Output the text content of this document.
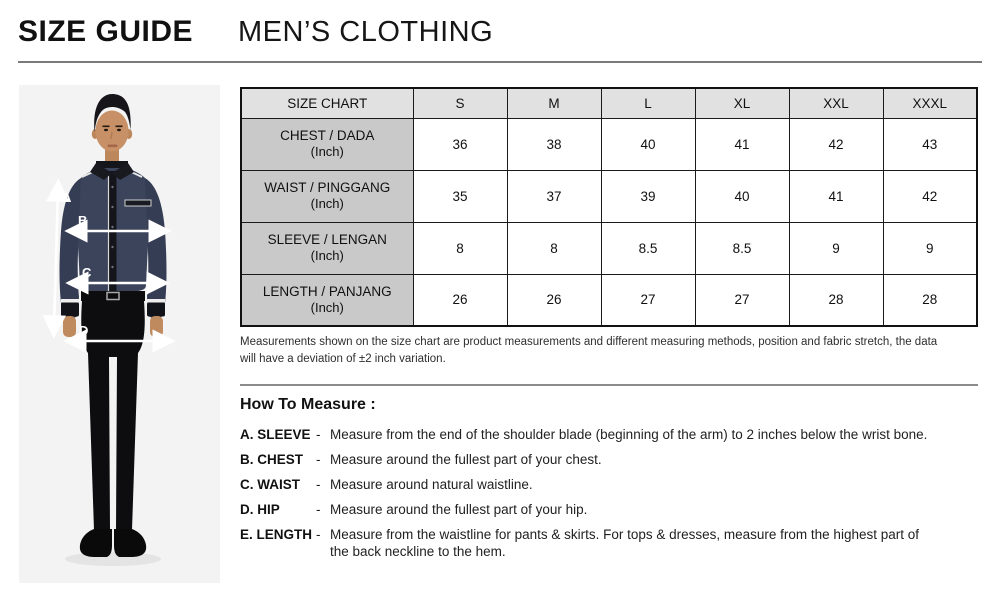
SIZE GUIDE MEN’S CLOTHING
A
B
C
D
SIZE CHART	S	M	L	XL	XXL	XXXL
CHEST / DADA
(Inch)	36	38	40	41	42	43
WAIST / PINGGANG
(Inch)	35	37	39	40	41	42
SLEEVE / LENGAN
(Inch)	8	8	8.5	8.5	9	9
LENGTH / PANJANG
(Inch)	26	26	27	27	28	28

Measurements shown on the size chart are product measurements and different measuring methods, position and fabric stretch, the data will have a deviation of ±2 inch variation.

How To Measure :
A. SLEEVE - Measure from the end of the shoulder blade (beginning of the arm) to 2 inches below the wrist bone.
B. CHEST - Measure around the fullest part of your chest.
C. WAIST	- Measure around natural waistline.
D. HIP	- Measure around the fullest part of your hip.
E. LENGTH - Measure from the waistline for pants & skirts. For tops & dresses, measure from the highest part of the back neckline to the hem.
